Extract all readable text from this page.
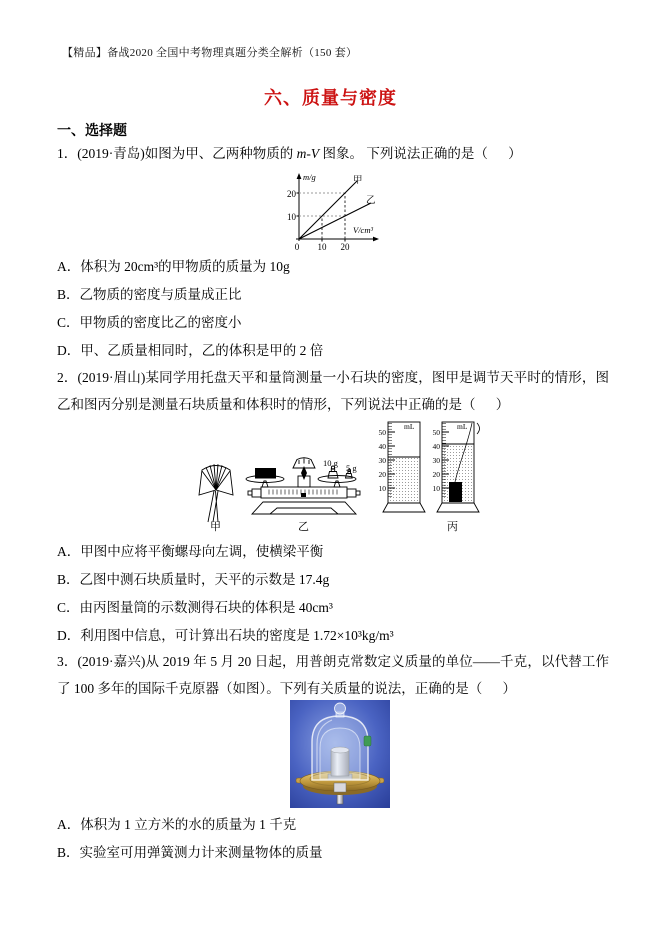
【精品】备战2020 全国中考物理真题分类全解析（150 套）
六、质量与密度
一、选择题
1．(2019·青岛)如图为甲、乙两种物质的 m-V 图象。 下列说法正确的是（      ）
m/g
V/cm³
20
10
0 10 20
甲
乙
A．体积为 20cm³的甲物质的质量为 10g
B．乙物质的密度与质量成正比
C．甲物质的密度比乙的密度小
D．甲、乙质量相同时，乙的体积是甲的 2 倍
2．(2019·眉山)某同学用托盘天平和量筒测量一小石块的密度，图甲是调节天平时的情形，图乙和图丙分别是测量石块质量和体积时的情形，下列说法中正确的是（      ）
10 g 5 g
mL
50
40
30
20
10
mL
50
40
30
20
10
甲	乙	丙
A．甲图中应将平衡螺母向左调，使横梁平衡
B．乙图中测石块质量时，天平的示数是 17.4g
C．由丙图量筒的示数测得石块的体积是 40cm³
D．利用图中信息，可计算出石块的密度是 1.72×10³kg/m³
3．(2019·嘉兴)从 2019 年 5 月 20 日起，用普朗克常数定义质量的单位——千克，以代替工作了 100 多年的国际千克原器（如图）。下列有关质量的说法，正确的是（      ）
A．体积为 1 立方米的水的质量为 1 千克
B．实验室可用弹簧测力计来测量物体的质量
